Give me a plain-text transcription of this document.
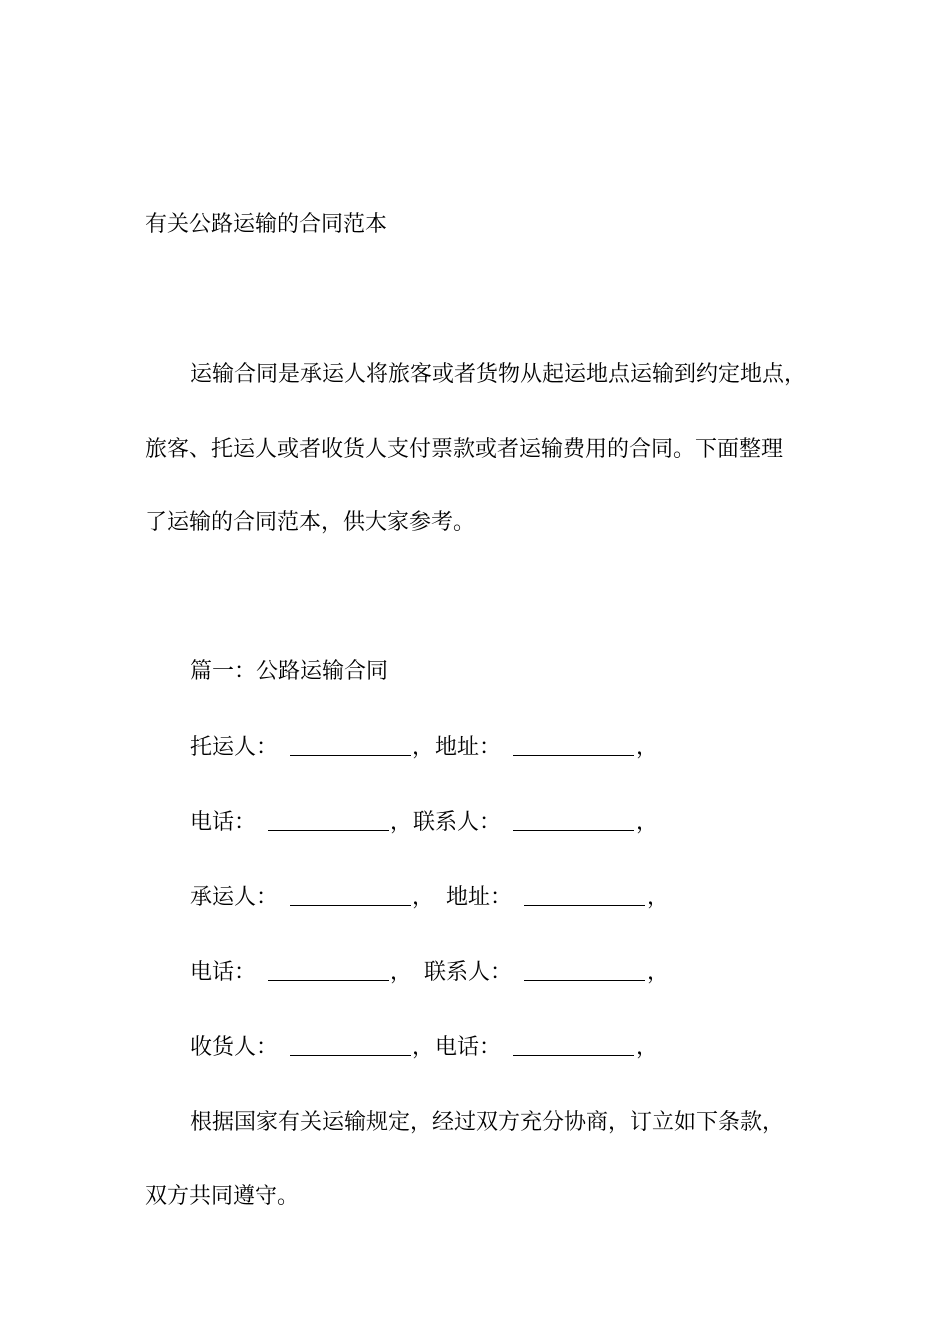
有关公路运输的合同范本
运输合同是承运人将旅客或者货物从起运地点运输到约定地点，
旅客、托运人或者收货人支付票款或者运输费用的合同。下面整理
了运输的合同范本，供大家参考。
篇一：公路运输合同
托运人：	， 地址：	，
电话：	， 联系人：	，
承运人：	， 地址：	，
电话：	， 联系人：	，
收货人：	， 电话：	，
根据国家有关运输规定，经过双方充分协商，订立如下条款，
双方共同遵守。
